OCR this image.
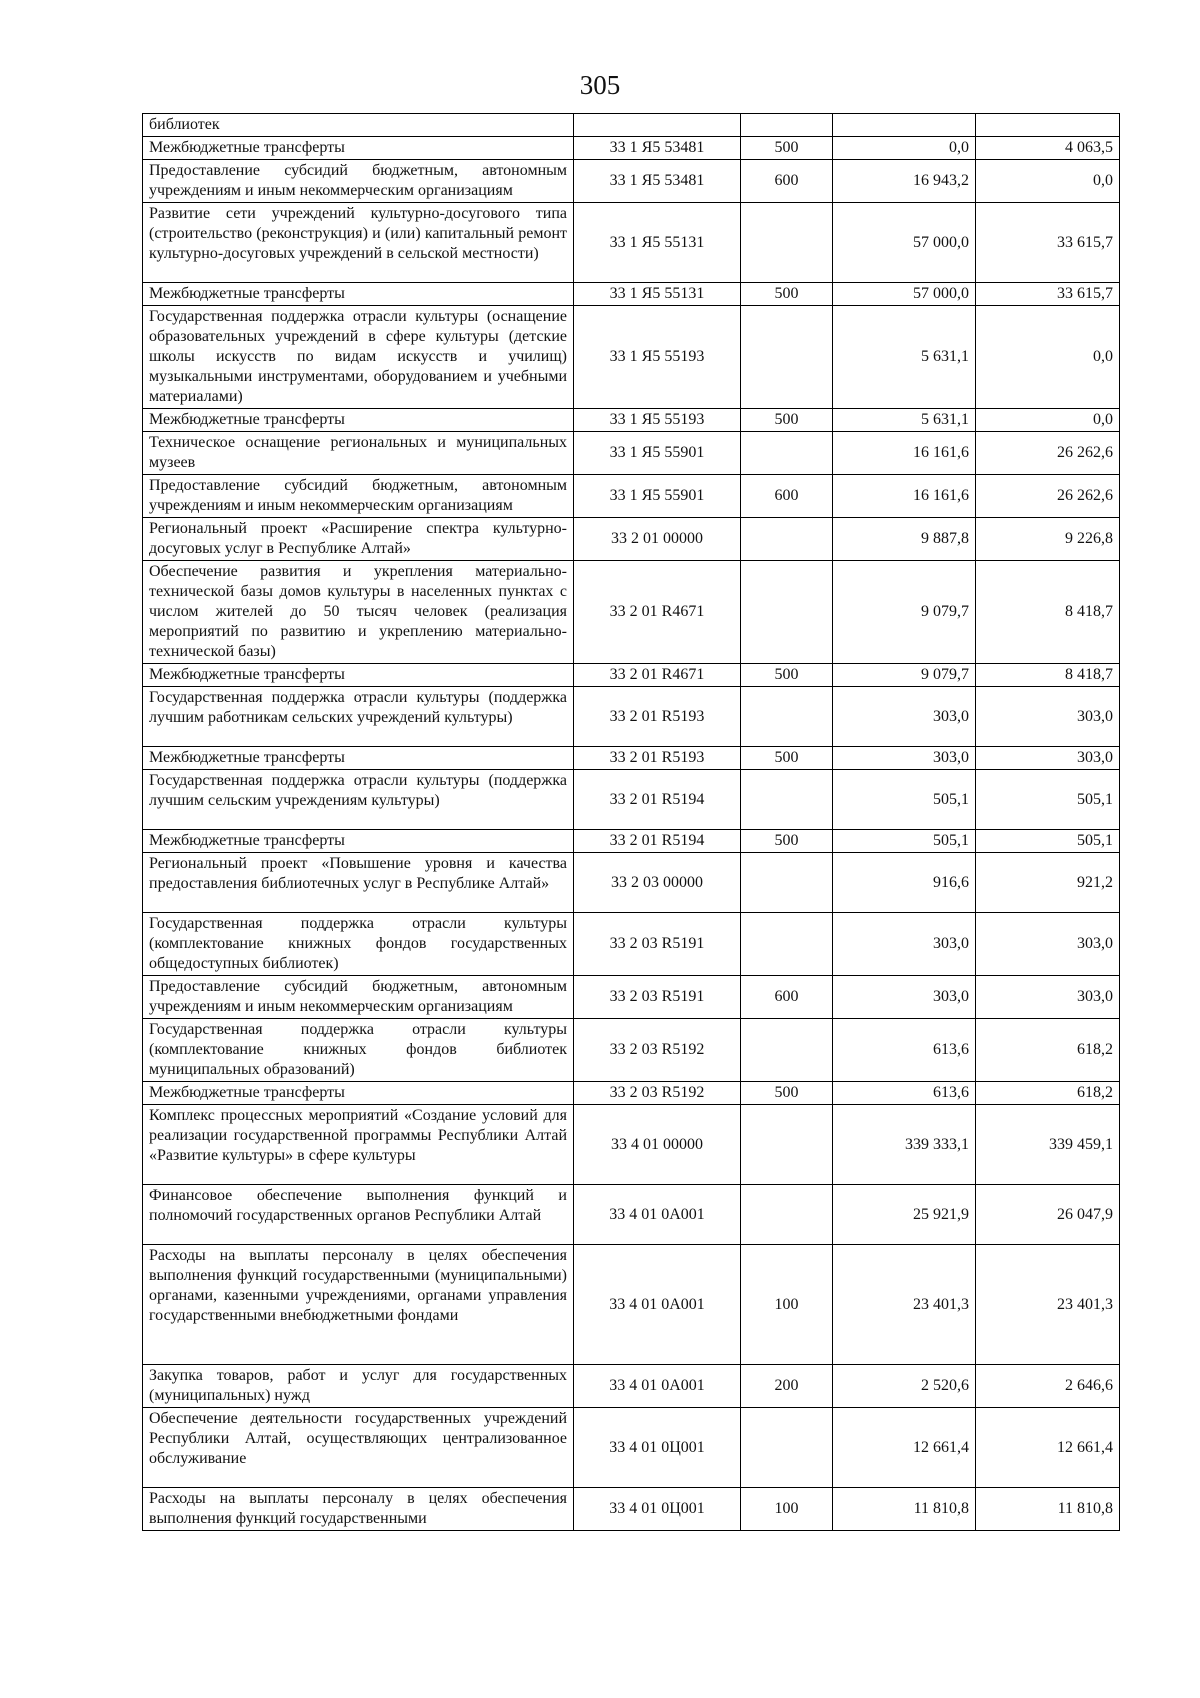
305
библиотек				
Межбюджетные трансферты	33 1 Я5 53481	500	0,0	4 063,5
Предоставление субсидий бюджетным, автономным учреждениям и иным некоммерческим организациям	33 1 Я5 53481	600	16 943,2	0,0
Развитие сети учреждений культурно-досугового типа (строительство (реконструкция) и (или) капитальный ремонт культурно-досуговых учреждений в сельской местности)	33 1 Я5 55131		57 000,0	33 615,7
Межбюджетные трансферты	33 1 Я5 55131	500	57 000,0	33 615,7
Государственная поддержка отрасли культуры (оснащение образовательных учреждений в сфере культуры (детские школы искусств по видам искусств и училищ) музыкальными инструментами, оборудованием и учебными материалами)	33 1 Я5 55193		5 631,1	0,0
Межбюджетные трансферты	33 1 Я5 55193	500	5 631,1	0,0
Техническое оснащение региональных и муниципальных музеев	33 1 Я5 55901		16 161,6	26 262,6
Предоставление субсидий бюджетным, автономным учреждениям и иным некоммерческим организациям	33 1 Я5 55901	600	16 161,6	26 262,6
Региональный проект «Расширение спектра культурно-досуговых услуг в Республике Алтай»	33 2 01 00000		9 887,8	9 226,8
Обеспечение развития и укрепления материально-технической базы домов культуры в населенных пунктах с числом жителей до 50 тысяч человек (реализация мероприятий по развитию и укреплению материально-технической базы)	33 2 01 R4671		9 079,7	8 418,7
Межбюджетные трансферты	33 2 01 R4671	500	9 079,7	8 418,7
Государственная поддержка отрасли культуры (поддержка лучшим работникам сельских учреждений культуры)	33 2 01 R5193		303,0	303,0
Межбюджетные трансферты	33 2 01 R5193	500	303,0	303,0
Государственная поддержка отрасли культуры (поддержка лучшим сельским учреждениям культуры)	33 2 01 R5194		505,1	505,1
Межбюджетные трансферты	33 2 01 R5194	500	505,1	505,1
Региональный проект «Повышение уровня и качества предоставления библиотечных услуг в Республике Алтай»	33 2 03 00000		916,6	921,2
Государственная поддержка отрасли культуры (комплектование книжных фондов государственных общедоступных библиотек)	33 2 03 R5191		303,0	303,0
Предоставление субсидий бюджетным, автономным учреждениям и иным некоммерческим организациям	33 2 03 R5191	600	303,0	303,0
Государственная поддержка отрасли культуры (комплектование книжных фондов библиотек муниципальных образований)	33 2 03 R5192		613,6	618,2
Межбюджетные трансферты	33 2 03 R5192	500	613,6	618,2
Комплекс процессных мероприятий «Создание условий для реализации государственной программы Республики Алтай «Развитие культуры» в сфере культуры	33 4 01 00000		339 333,1	339 459,1
Финансовое обеспечение выполнения функций и полномочий государственных органов Республики Алтай	33 4 01 0А001		25 921,9	26 047,9
Расходы на выплаты персоналу в целях обеспечения выполнения функций государственными (муниципальными) органами, казенными учреждениями, органами управления государственными внебюджетными фондами	33 4 01 0А001	100	23 401,3	23 401,3
Закупка товаров, работ и услуг для государственных (муниципальных) нужд	33 4 01 0А001	200	2 520,6	2 646,6
Обеспечение деятельности государственных учреждений Республики Алтай, осуществляющих централизованное обслуживание	33 4 01 0Ц001		12 661,4	12 661,4
Расходы на выплаты персоналу в целях обеспечения выполнения функций государственными	33 4 01 0Ц001	100	11 810,8	11 810,8
